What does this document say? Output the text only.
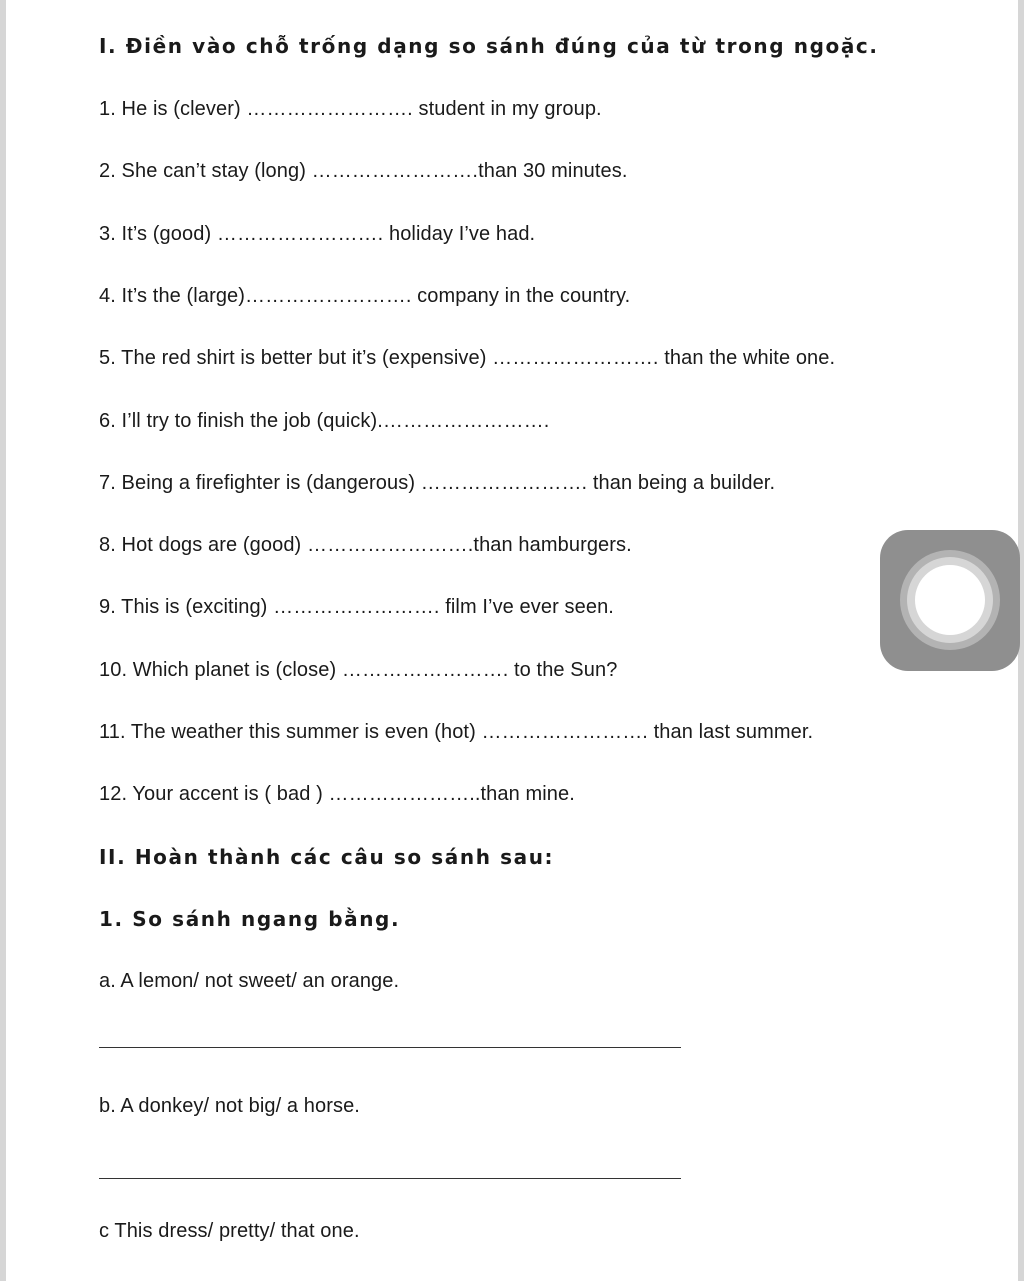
I. Điền vào chỗ trống dạng so sánh đúng của từ trong ngoặc.
1. He is (clever) ……………………. student in my group.
2. She can’t stay (long) …………………….than 30 minutes.
3. It’s (good) ……………………. holiday I’ve had.
4. It’s the (large)……………………. company in the country.
5. The red shirt is better but it’s (expensive) ……………………. than the white one.
6. I’ll try to finish the job (quick).…………………….
7. Being a firefighter is (dangerous) ……………………. than being a builder.
8. Hot dogs are (good) …………………….than hamburgers.
9. This is (exciting) ……………………. film I’ve ever seen.
10. Which planet is (close) ……………………. to the Sun?
11. The weather this summer is even (hot) ……………………. than last summer.
12. Your accent is ( bad ) …………………..than mine.
II. Hoàn thành các câu so sánh sau:
1. So sánh ngang bằng.
a. A lemon/ not sweet/ an orange.
b. A donkey/ not big/ a horse.
c This dress/ pretty/ that one.
